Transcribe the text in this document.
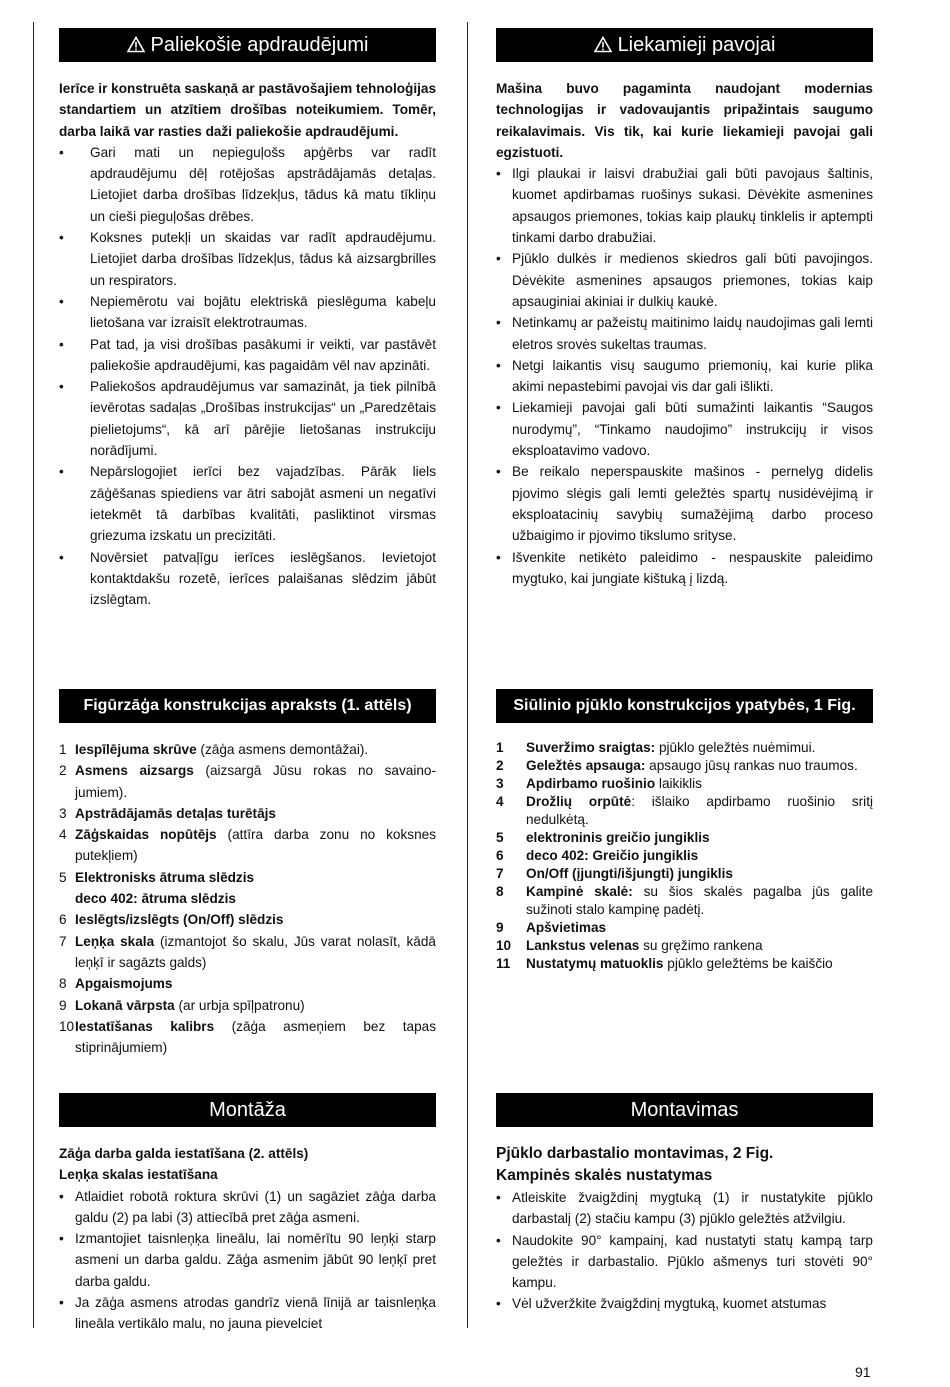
Paliekošie apdraudējumi

Ierīce ir konstruēta saskaņā ar pastāvošajiem tehnoloģijas standartiem un atzītiem drošības noteikumiem. Tomēr, darba laikā var rasties daži paliekošie apdraudējumi.

• Gari mati un nepieguļošs apģērbs var radīt apdraudējumu dēļ rotējošas apstrādājamās detaļas. Lietojiet darba drošības līdzekļus, tādus kā matu tīkliņu un cieši pieguļošas drēbes.
• Koksnes putekļi un skaidas var radīt apdraudējumu. Lietojiet darba drošības līdzekļus, tādus kā aizsargbrilles un respirators.
• Nepiemērotu vai bojātu elektriskā pieslēguma kabeļu lietošana var izraisīt elektrotraumas.
• Pat tad, ja visi drošības pasākumi ir veikti, var pastāvēt paliekošie apdraudējumi, kas pagaidām vēl nav apzināti.
• Paliekošos apdraudējumus var samazināt, ja tiek pilnībā ievērotas sadaļas „Drošības instrukcijas“ un „Paredzētais pielietojums“, kā arī pārējie lietošanas instrukciju norādījumi.
• Nepārslogojiet ierīci bez vajadzības. Pārāk liels zāģēšanas spiediens var ātri sabojāt asmeni un negatīvi ietekmēt tā darbības kvalitāti, pasliktinot virsmas griezuma izskatu un precizitāti.
• Novērsiet patvaļīgu ierīces ieslēgšanos. Ievietojot kontaktdakšu rozetē, ierīces palaišanas slēdzim jābūt izslēgtam.
Figūrzāģa konstrukcijas apraksts (1. attēls)
1 Iespīlējuma skrūve (zāģa asmens demontāžai).
2 Asmens aizsargs (aizsargā Jūsu rokas no savaino-jumiem).
3 Apstrādājamās detaļas turētājs
4 Zāģskaidas nopūtējs (attīra darba zonu no koksnes putekļiem)
5 Elektronisks ātruma slēdzis
deco 402: ātruma slēdzis
6 Ieslēgts/izslēgts (On/Off) slēdzis
7 Leņķa skala (izmantojot šo skalu, Jūs varat nolasīt, kādā leņķī ir sagāzts galds)
8 Apgaismojums
9 Lokanā vārpsta (ar urbja spīļpatronu)
10 Iestatīšanas kalibrs (zāģa asmeņiem bez tapas stiprinājumiem)
Montāža

Zāģa darba galda iestatīšana (2. attēls)

Leņķa skalas iestatīšana

• Atlaidiet robotā roktura skrūvi (1) un sagāziet zāģa darba galdu (2) pa labi (3) attiecībā pret zāģa asmeni.
• Izmantojiet taisnleņķa lineālu, lai nomērītu 90 leņķi starp asmeni un darba galdu. Zāģa asmenim jābūt 90 leņķī pret darba galdu.
• Ja zāģa asmens atrodas gandrīz vienā līnijā ar taisnleņķa lineāla vertikālo malu, no jauna pievelciet
Liekamieji pavojai

Mašina buvo pagaminta naudojant modernias technologijas ir vadovaujantis pripažintais saugumo reikalavimais. Vis tik, kai kurie liekamieji pavojai gali egzistuoti.

• Ilgi plaukai ir laisvi drabužiai gali būti pavojaus šaltinis, kuomet apdirbamas ruošinys sukasi. Dėvėkite asmenines apsaugos priemones, tokias kaip plaukų tinklelis ir aptempti tinkami darbo drabužiai.
• Pjūklo dulkės ir medienos skiedros gali būti pavojingos. Dėvėkite asmenines apsaugos priemones, tokias kaip apsauginiai akiniai ir dulkių kaukė.
• Netinkamų ar pažeistų maitinimo laidų naudojimas gali lemti eletros srovės sukeltas traumas.
• Netgi laikantis visų saugumo priemonių, kai kurie plika akimi nepastebimi pavojai vis dar gali išlikti.
• Liekamieji pavojai gali būti sumažinti laikantis “Saugos nurodymų”, “Tinkamo naudojimo” instrukcijų ir visos eksploatavimo vadovo.
• Be reikalo neperspauskite mašinos - pernelyg didelis pjovimo slėgis gali lemti geležtės spartų nusidėvėjimą ir eksploatacinių savybių sumažėjimą darbo proceso užbaigimo ir pjovimo tikslumo srityse.
• Išvenkite netikėto paleidimo - nespauskite paleidimo mygtuko, kai jungiate kištuką į lizdą.
Siūlinio pjūklo konstrukcijos ypatybės, 1 Fig.
1 Suveržimo sraigtas: pjūklo geležtės nuėmimui.
2 Geležtės apsauga: apsaugo jūsų rankas nuo traumos.
3 Apdirbamo ruošinio laikiklis
4 Drožlių orpūtė: išlaiko apdirbamo ruošinio sritį nedulkėtą.
5 elektroninis greičio jungiklis
6 deco 402: Greičio jungiklis
7 On/Off (įjungti/išjungti) jungiklis
8 Kampinė skalė: su šios skalės pagalba jūs galite sužinoti stalo kampinę padėtį.
9 Apšvietimas
10 Lankstus velenas su gręžimo rankena
11 Nustatymų matuoklis pjūklo geležtėms be kaiščio
Montavimas

Pjūklo darbastalio montavimas, 2 Fig.

Kampinės skalės nustatymas

• Atleiskite žvaigždinį mygtuką (1) ir nustatykite pjūklo darbastalį (2) stačiu kampu (3) pjūklo geležtės atžvilgiu.
• Naudokite 90° kampainį, kad nustatyti statų kampą tarp geležtės ir darbastalio. Pjūklo ašmenys turi stovėti 90° kampu.
• Vėl užveržkite žvaigždinį mygtuką, kuomet atstumas
91
